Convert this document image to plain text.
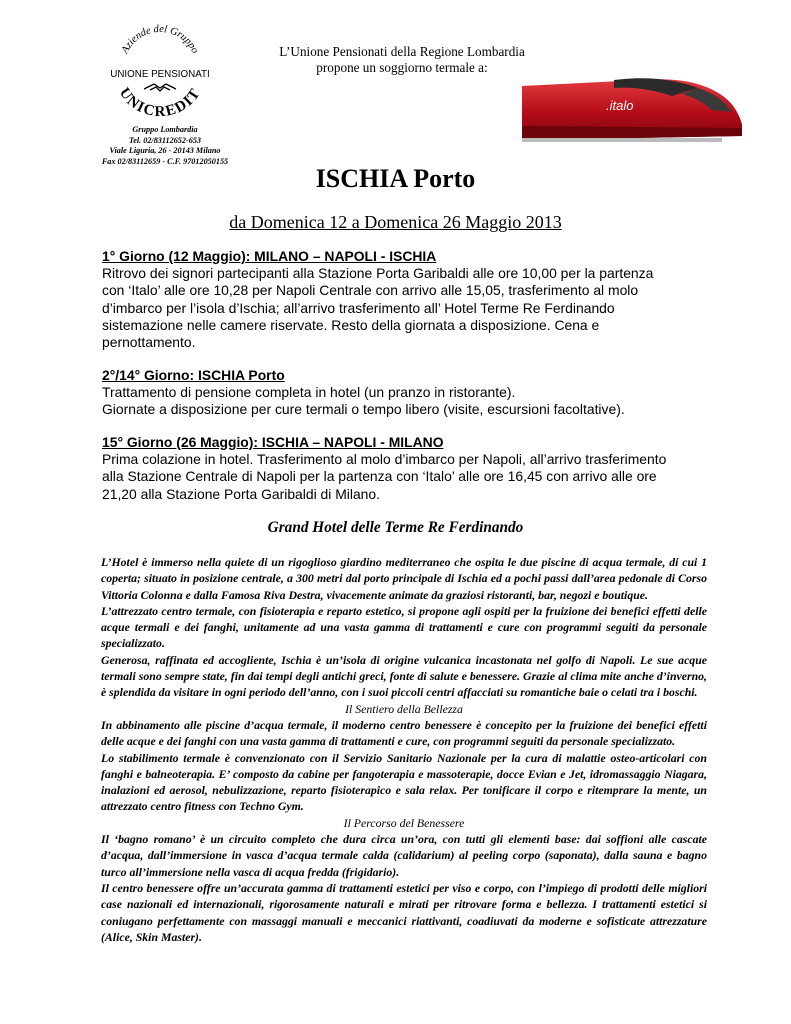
Aziende del Gruppo
UNIONE PENSIONATI
UNICREDIT
Gruppo Lombardia
Tel. 02/83112652-653
Viale Liguria, 26 - 20143 Milano
Fax 02/83112659 - C.F. 97012050155
L’Unione Pensionati della Regione Lombardia
propone un soggiorno termale a:
.italo
ISCHIA Porto
da Domenica 12 a Domenica 26 Maggio 2013
1° Giorno (12 Maggio): MILANO – NAPOLI - ISCHIA

Ritrovo dei signori partecipanti alla Stazione Porta Garibaldi alle ore 10,00 per la partenza

con ‘Italo’ alle ore 10,28 per Napoli Centrale con arrivo alle 15,05, trasferimento al molo

d’imbarco per l’isola d’Ischia; all’arrivo trasferimento all’ Hotel Terme Re Ferdinando

sistemazione nelle camere riservate. Resto della giornata a disposizione. Cena e

pernottamento.

2°/14° Giorno: ISCHIA Porto

Trattamento di pensione completa in hotel (un pranzo in ristorante).

Giornate a disposizione per cure termali o tempo libero (visite, escursioni facoltative).

15° Giorno (26 Maggio): ISCHIA – NAPOLI - MILANO

Prima colazione in hotel. Trasferimento al molo d’imbarco per Napoli, all’arrivo trasferimento

alla Stazione Centrale di Napoli per la partenza con ‘Italo’ alle ore 16,45 con arrivo alle ore

21,20 alla Stazione Porta Garibaldi di Milano.

Grand Hotel delle Terme Re Ferdinando

L’Hotel è immerso nella quiete di un rigoglioso giardino mediterraneo che ospita le due piscine di acqua termale, di cui 1 coperta; situato in posizione centrale, a 300 metri dal porto principale di Ischia ed a pochi passi dall’area pedonale di Corso Vittoria Colonna e dalla Famosa Riva Destra, vivacemente animate da graziosi ristoranti, bar, negozi e boutique.

L’attrezzato centro termale, con fisioterapia e reparto estetico, si propone agli ospiti per la fruizione dei benefici effetti delle acque termali e dei fanghi, unitamente ad una vasta gamma di trattamenti e cure con programmi seguiti da personale specializzato.

Generosa, raffinata ed accogliente, Ischia è un’isola di origine vulcanica incastonata nel golfo di Napoli. Le sue acque termali sono sempre state, fin dai tempi degli antichi greci, fonte di salute e benessere. Grazie al clima mite anche d’inverno, è splendida da visitare in ogni periodo dell’anno, con i suoi piccoli centri affacciati su romantiche baie o celati tra i boschi.

Il Sentiero della Bellezza

In abbinamento alle piscine d’acqua termale, il moderno centro benessere è concepito per la fruizione dei benefici effetti delle acque e dei fanghi con una vasta gamma di trattamenti e cure, con programmi seguiti da personale specializzato.

Lo stabilimento termale è convenzionato con il Servizio Sanitario Nazionale per la cura di malattie osteo-articolari con fanghi e balneoterapia. E’ composto da cabine per fangoterapia e massoterapie, docce Evian e Jet, idromassaggio Niagara, inalazioni ed aerosol, nebulizzazione, reparto fisioterapico e sala relax. Per tonificare il corpo e ritemprare la mente, un attrezzato centro fitness con Techno Gym.

Il Percorso del Benessere

Il ‘bagno romano’ è un circuito completo che dura circa un’ora, con tutti gli elementi base: dai soffioni alle cascate d’acqua, dall’immersione in vasca d’acqua termale calda (calidarium) al peeling corpo (saponata), dalla sauna e bagno turco all’immersione nella vasca di acqua fredda (frigidario).

Il centro benessere offre un’accurata gamma di trattamenti estetici per viso e corpo, con l’impiego di prodotti delle migliori case nazionali ed internazionali, rigorosamente naturali e mirati per ritrovare forma e bellezza. I trattamenti estetici si coniugano perfettamente con massaggi manuali e meccanici riattivanti, coadiuvati da moderne e sofisticate attrezzature (Alice, Skin Master).
